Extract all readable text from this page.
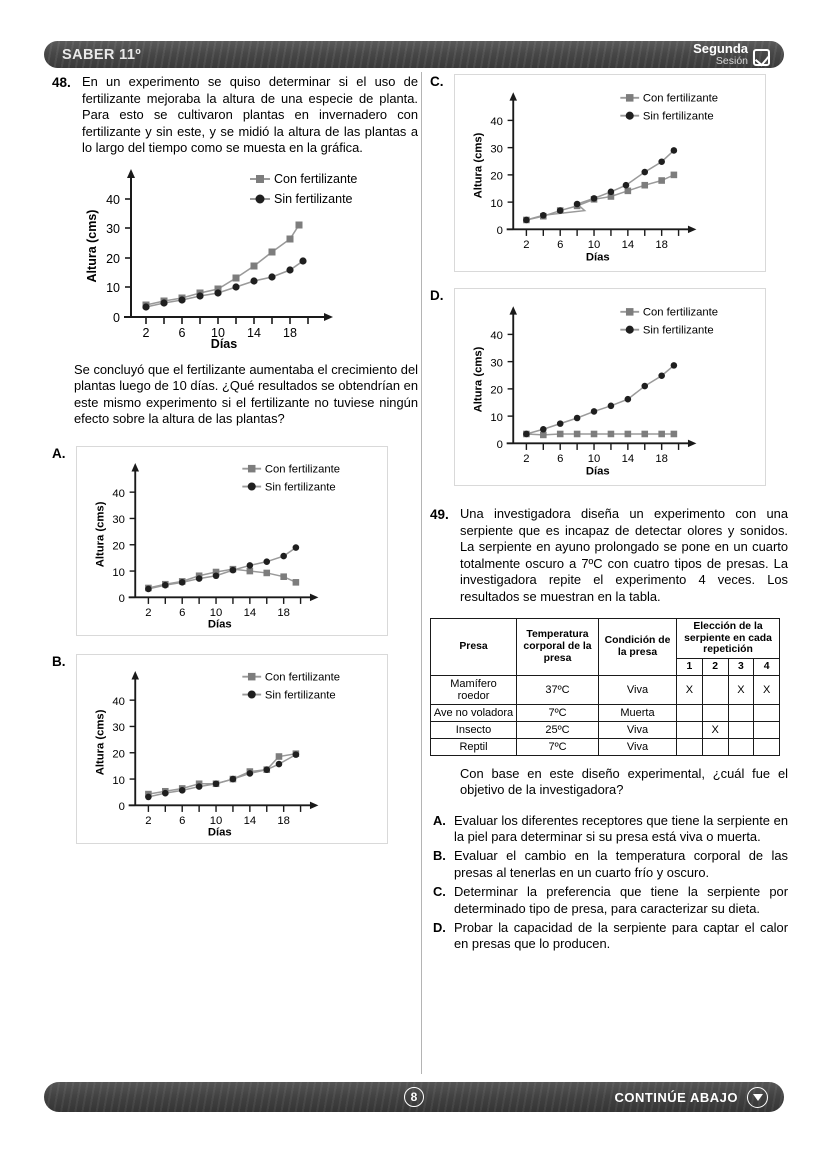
SABER 11º	Segunda
Sesión
48. En un experimento se quiso determinar si el uso de fertilizante mejoraba la altura de una especie de planta. Para esto se cultivaron plantas en invernadero con fertilizante y sin este, y se midió la altura de las plantas a lo largo del tiempo como se muesta en la gráfica.

Con fertilizante
Sin fertilizante
0
10
20
30
40
2 6 10 14 18
Días
Altura (cms)

Se concluyó que el fertilizante aumentaba el crecimiento del plantas luego de 10 días. ¿Qué resultados se obtendrían en este mismo experimento si el fertilizante no tuviese ningún efecto sobre la altura de las plantas?

A.
Con fertilizante
Sin fertilizante
0
10
20
30
40
2 6 10 14 18
Días
Altura (cms)
B.
Con fertilizante
Sin fertilizante
0
10
20
30
40
2 6 10 14 18
Días
Altura (cms)
C.
Con fertilizante
Sin fertilizante
0
10
20
30
40
2 6 10 14 18
Días
Altura (cms)
D.
Con fertilizante
Sin fertilizante
0
10
20
30
40
2 6 10 14 18
Días
Altura (cms)
49. Una investigadora diseña un experimento con una serpiente que es incapaz de detectar olores y sonidos. La serpiente en ayuno prolongado se pone en un cuarto totalmente oscuro a 7ºC con cuatro tipos de presas. La investigadora repite el experimento 4 veces. Los resultados se muestran en la tabla.

Presa	Temperatura corporal de la presa	Condición de la presa	Elección de la serpiente en cada repetición			
			1	2	3	4
Mamífero roedor	37ºC	Viva	X		X	X
Ave no voladora	7ºC	Muerta				
Insecto	25ºC	Viva		X		
Reptil	7ºC	Viva				

Con base en este diseño experimental, ¿cuál fue el objetivo de la investigadora?

A. Evaluar los diferentes receptores que tiene la serpiente en la piel para determinar si su presa está viva o muerta.
B. Evaluar el cambio en la temperatura corporal de las presas al tenerlas en un cuarto frío y oscuro.
C. Determinar la preferencia que tiene la serpiente por determinado tipo de presa, para caracterizar su dieta.
D. Probar la capacidad de la serpiente para captar el calor en presas que lo producen.
8	CONTINÚE ABAJO
